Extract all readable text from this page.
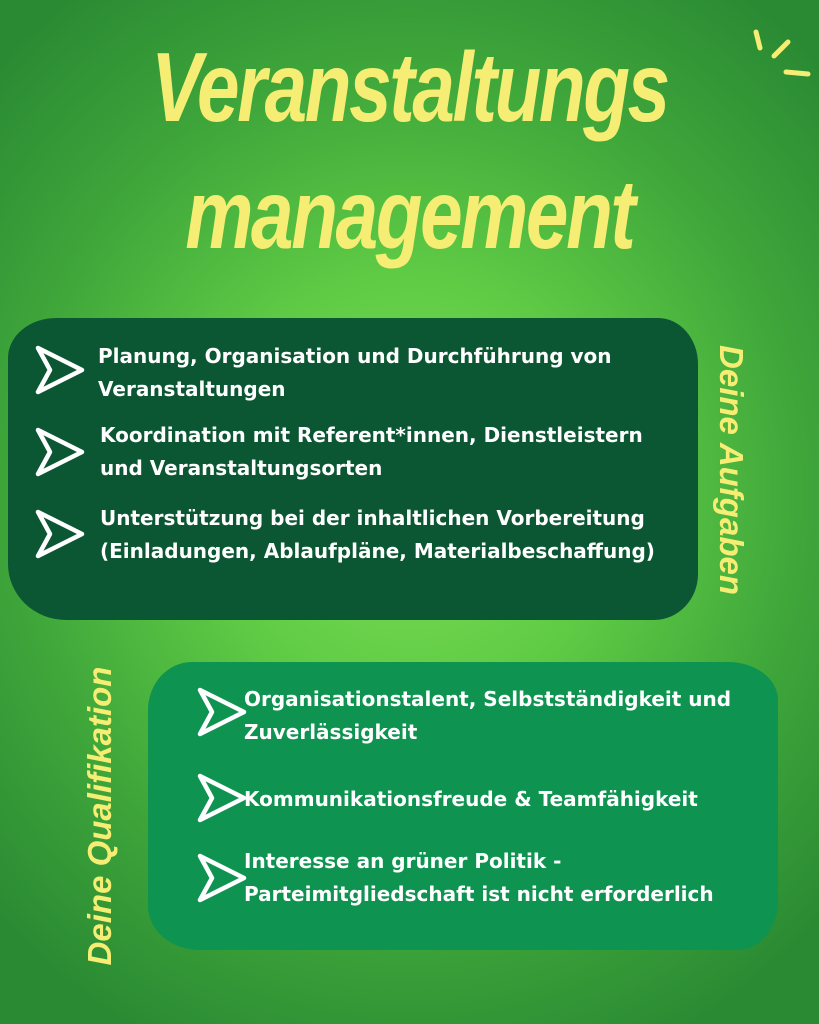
Veranstaltungs
management
Planung, Organisation und Durchführung von
Veranstaltungen
Koordination mit Referent*innen, Dienstleistern
und Veranstaltungsorten
Unterstützung bei der inhaltlichen Vorbereitung
(Einladungen, Ablaufpläne, Materialbeschaffung) Deine Aufgaben
Organisationstalent, Selbstständigkeit und
Zuverlässigkeit
Kommunikationsfreude & Teamfähigkeit
Interesse an grüner Politik -
Parteimitgliedschaft ist nicht erforderlich
Deine Qualifikation
